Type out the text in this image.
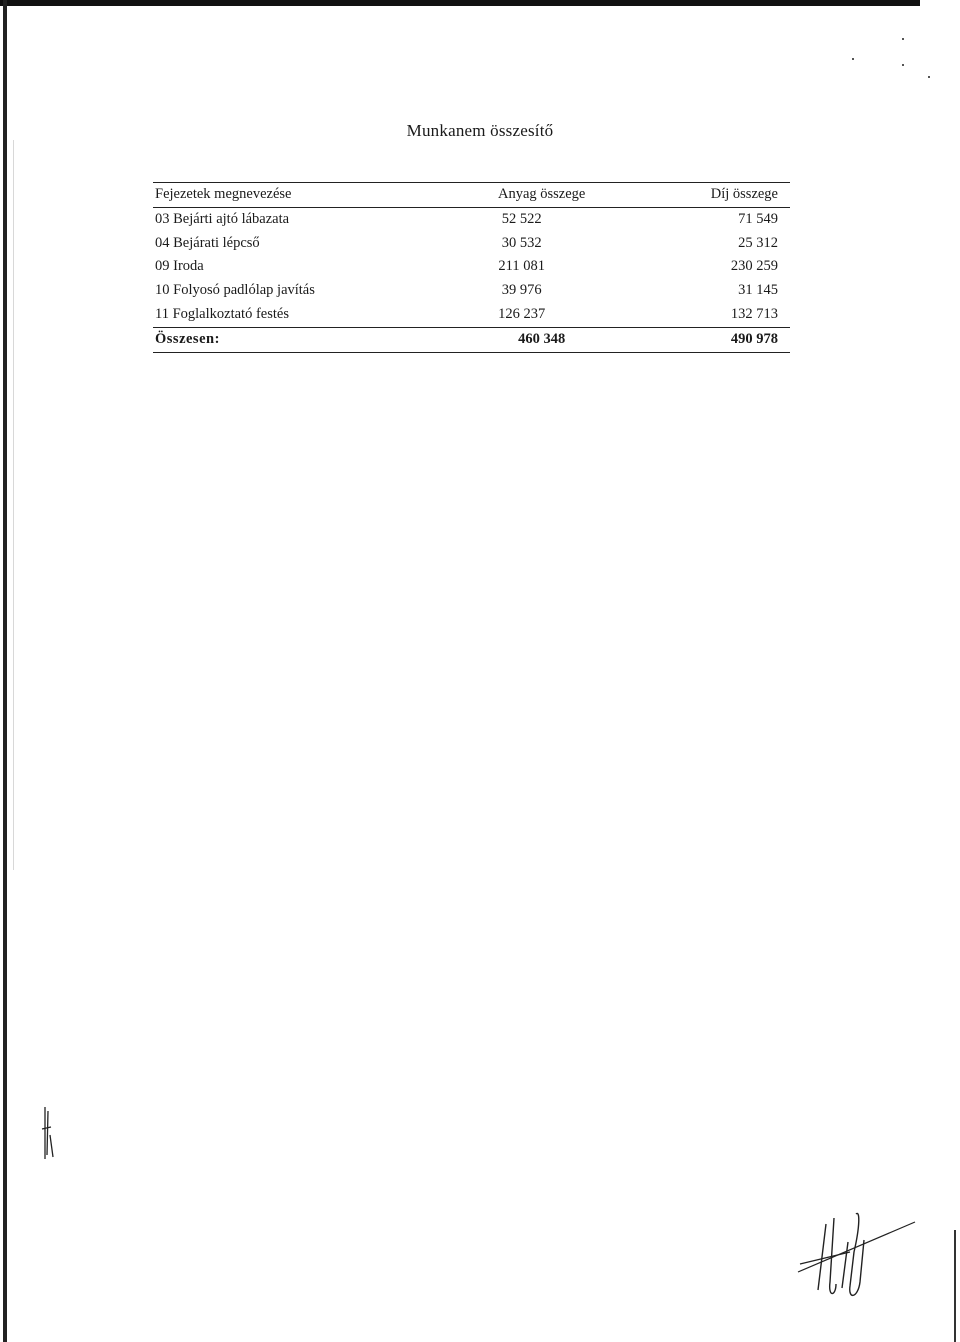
Munkanem összesítő
Fejezetek megnevezése	Anyag összege	Díj összege
03 Bejárti ajtó lábazata	52 522	71 549
04 Bejárati lépcső	30 532	25 312
09 Iroda	211 081	230 259
10 Folyosó padlólap javítás	39 976	31 145
11 Foglalkoztató festés	126 237	132 713
Összesen:	460 348	490 978
